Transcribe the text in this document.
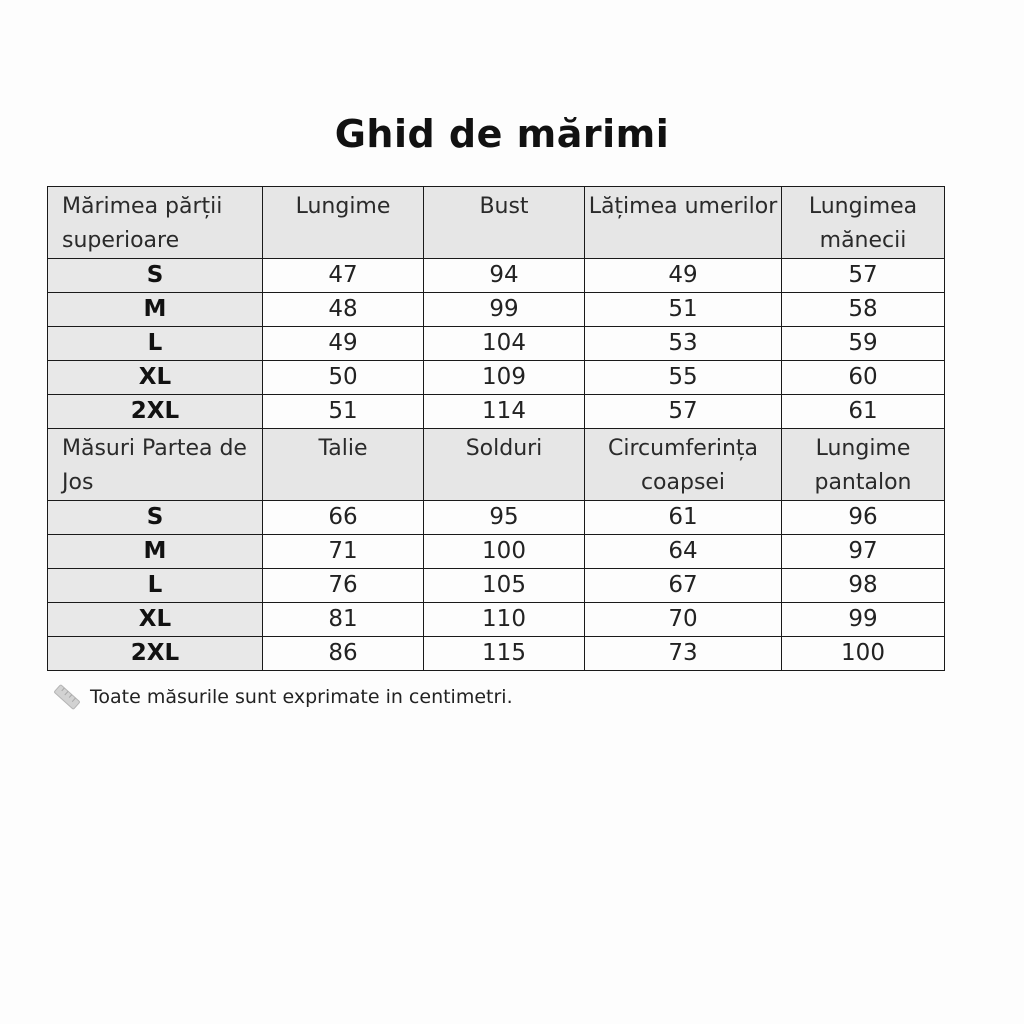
Ghid de mărimi
Mărimea părții superioare	Lungime	Bust	Lățimea umerilor	Lungimea mănecii
S	47	94	49	57
M	48	99	51	58
L	49	104	53	59
XL	50	109	55	60
2XL	51	114	57	61
Măsuri Partea de Jos	Talie	Solduri	Circumferința coapsei	Lungime pantalon
S	66	95	61	96
M	71	100	64	97
L	76	105	67	98
XL	81	110	70	99
2XL	86	115	73	100
Toate măsurile sunt exprimate in centimetri.
